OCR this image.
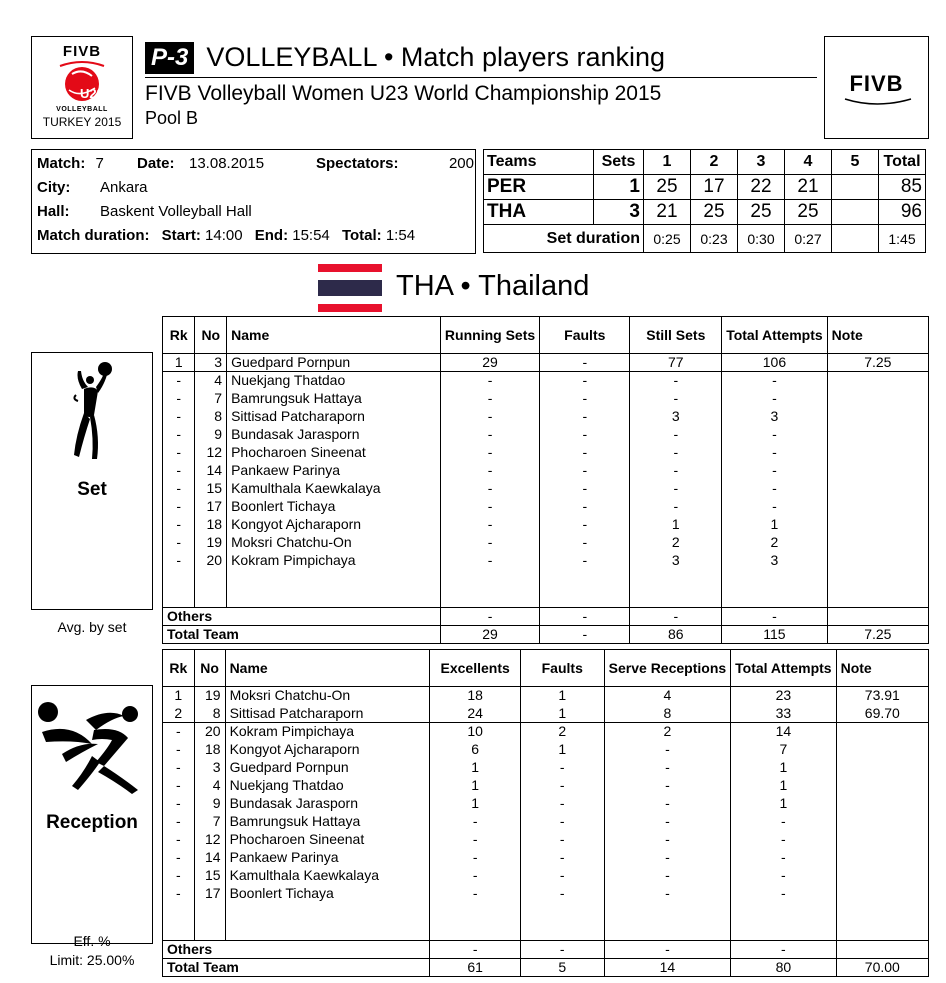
FIVB
U23
VOLLEYBALL
TURKEY 2015
P-3 VOLLEYBALL • Match players ranking
FIVB Volleyball Women U23 World Championship 2015
Pool B
FIVB
Match: 7 Date: 13.08.2015	Spectators:	200
City: Ankara
Hall: Baskent Volleyball Hall
Match duration: Start: 14:00 End: 15:54 Total: 1:54
Teams	Sets	1	2	3	4	5	Total
PER	1	25	17	22	21		85
THA	3	21	25	25	25		96
Set duration		0:25	0:23	0:30	0:27		1:45
THA • Thailand
Set
Avg. by set
Rk	No	Name	Running Sets	Faults	Still Sets	Total Attempts	Note
1	3	Guedpard Pornpun	29	-	77	106	7.25
-	4	Nuekjang Thatdao	-	-	-	-	
-	7	Bamrungsuk Hattaya	-	-	-	-	
-	8	Sittisad Patcharaporn	-	-	3	3	
-	9	Bundasak Jarasporn	-	-	-	-	
-	12	Phocharoen Sineenat	-	-	-	-	
-	14	Pankaew Parinya	-	-	-	-	
-	15	Kamulthala Kaewkalaya	-	-	-	-	
-	17	Boonlert Tichaya	-	-	-	-	
-	18	Kongyot Ajcharaporn	-	-	1	1	
-	19	Moksri Chatchu-On	-	-	2	2	
-	20	Kokram Pimpichaya	-	-	3	3	

Others			-	-	-	-	
Total Team			29	-	86	115	7.25
Reception
Eff. %
Limit: 25.00%
Rk	No	Name	Excellents	Faults	Serve Receptions	Total Attempts	Note
1	19	Moksri Chatchu-On	18	1	4	23	73.91
2	8	Sittisad Patcharaporn	24	1	8	33	69.70
-	20	Kokram Pimpichaya	10	2	2	14	
-	18	Kongyot Ajcharaporn	6	1	-	7	
-	3	Guedpard Pornpun	1	-	-	1	
-	4	Nuekjang Thatdao	1	-	-	1	
-	9	Bundasak Jarasporn	1	-	-	1	
-	7	Bamrungsuk Hattaya	-	-	-	-	
-	12	Phocharoen Sineenat	-	-	-	-	
-	14	Pankaew Parinya	-	-	-	-	
-	15	Kamulthala Kaewkalaya	-	-	-	-	
-	17	Boonlert Tichaya	-	-	-	-	

Others			-	-	-	-	
Total Team			61	5	14	80	70.00
